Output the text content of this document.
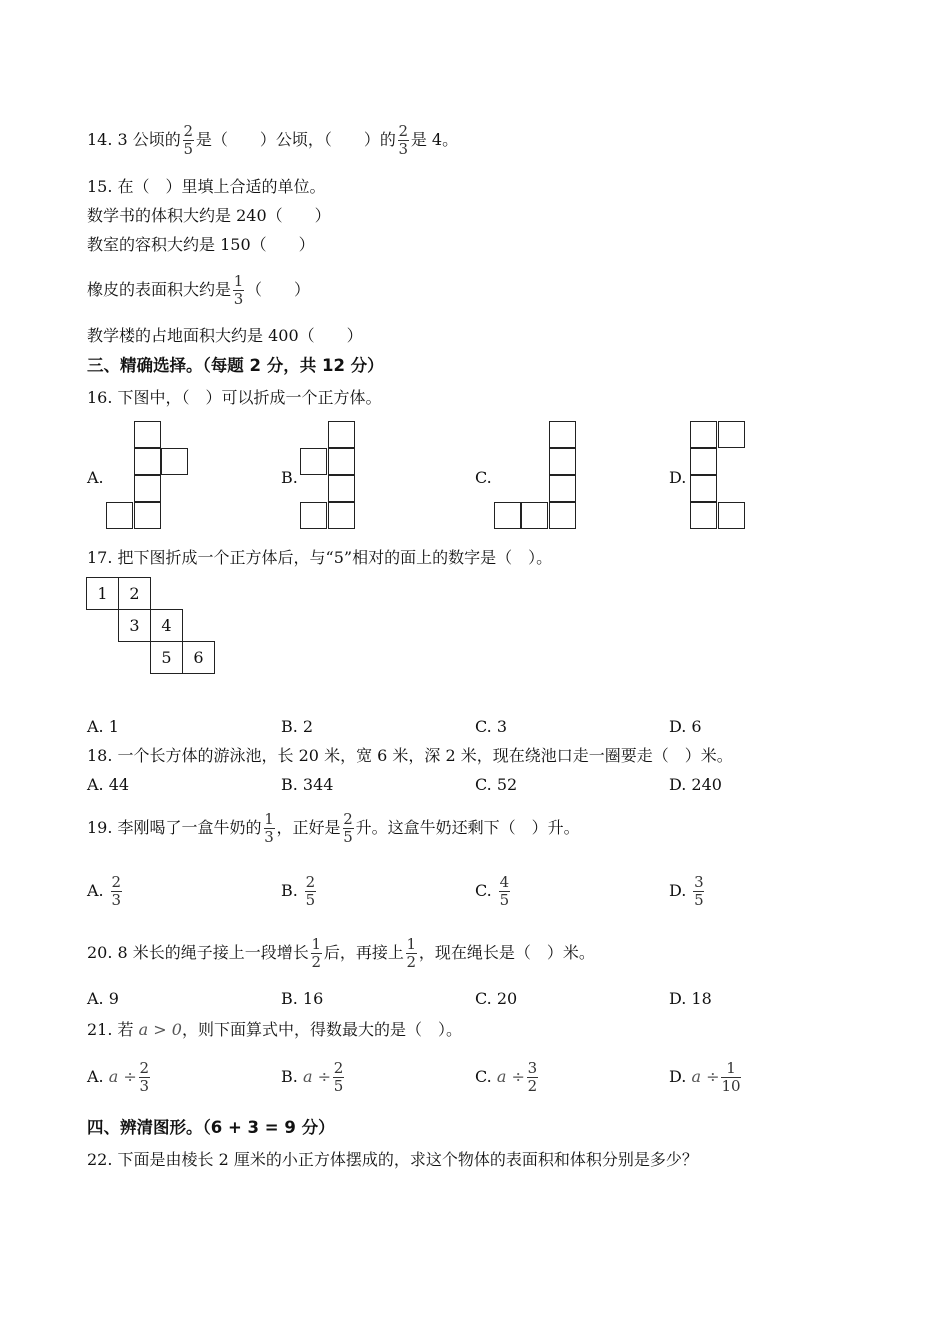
14. 3 公顷的 $\frac{2}{5}$ 是（　　）公顷，（　　）的 $\frac{2}{3}$ 是 4。
15. 在（　）里填上合适的单位。
数学书的体积大约是 240（　　）
教室的容积大约是 150（　　）
橡皮的表面积大约是 $\frac{1}{3}$ （　　）
教学楼的占地面积大约是 400（　　）
三、精确选择。（每题 2 分，共 12 分）
16. 下图中，（　）可以折成一个正方体。
A.	B.	C.	D.
17. 把下图折成一个正方体后，与“5”相对的面上的数字是（　）。
1	2
3	4
5	6
A. 1	B. 2	C. 3	D. 6
18. 一个长方体的游泳池，长 20 米，宽 6 米，深 2 米，现在绕池口走一圈要走（　）米。
A. 44	B. 344	C. 52	D. 240
19. 李刚喝了一盒牛奶的 $\frac{1}{3}$ ，正好是 $\frac{2}{5}$ 升。这盒牛奶还剩下（　）升。
A. $\frac{2}{3}$	B. $\frac{2}{5}$	C. $\frac{4}{5}$	D. $\frac{3}{5}$
20. 8 米长的绳子接上一段增长 $\frac{1}{2}$ 后，再接上 $\frac{1}{2}$ ，现在绳长是（　）米。
A. 9	B. 16	C. 20	D. 18
21. 若 a > 0，则下面算式中，得数最大的是（　）。
A. $a \div \frac{2}{3}$	B. $a \div \frac{2}{5}$	C. $a \div \frac{3}{2}$	D. $a \div \frac{1}{10}$
四、辨清图形。（6 + 3 = 9 分）
22. 下面是由棱长 2 厘米的小正方体摆成的，求这个物体的表面积和体积分别是多少？
